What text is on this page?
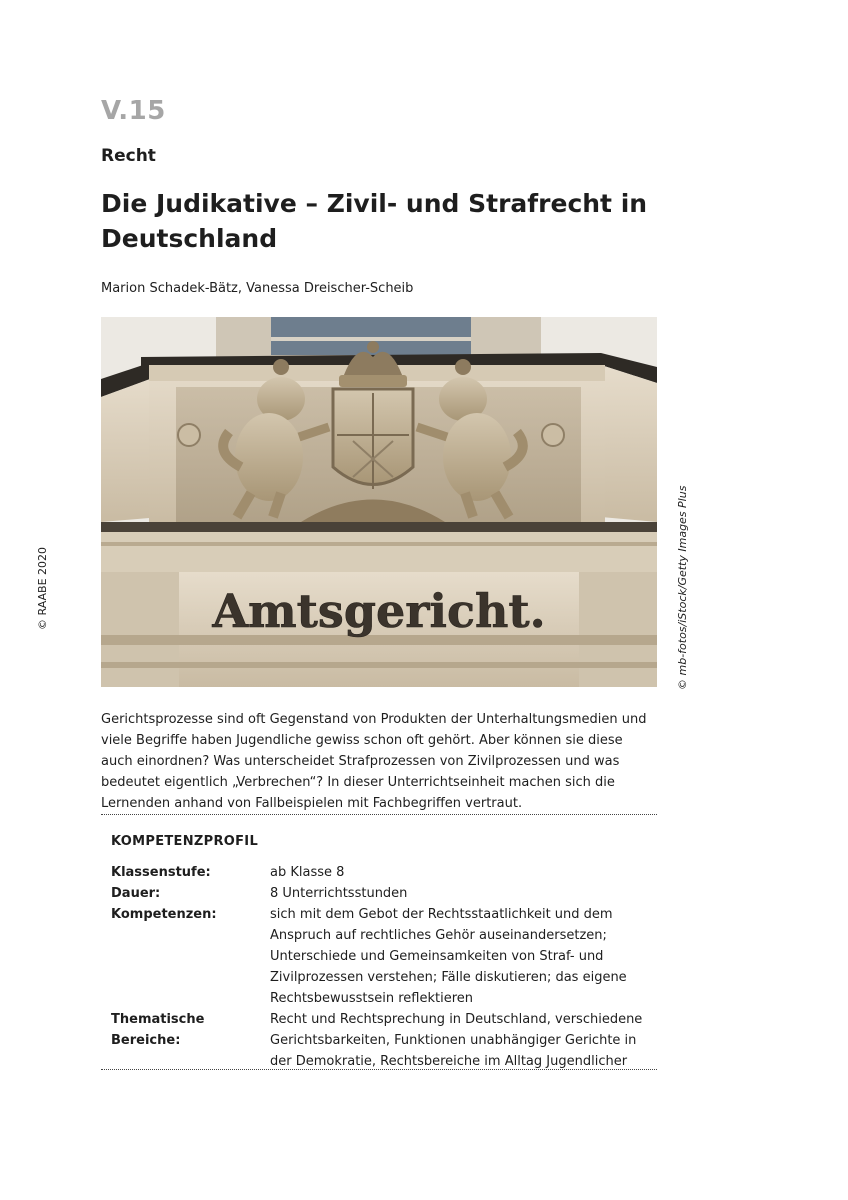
V.15
Recht
Die Judikative – Zivil- und Strafrecht in Deutschland
Marion Schadek-Bätz, Vanessa Dreischer-Scheib
© RAABE 2020	© mb-fotos/iStock/Getty Images Plus
Amtsgericht.

Gerichtsprozesse sind oft Gegenstand von Produkten der Unterhaltungsmedien und viele Begriffe haben Jugendliche gewiss schon oft gehört. Aber können sie diese auch einordnen? Was unterscheidet Strafprozessen von Zivilprozessen und was bedeutet eigentlich „Verbrechen“? In dieser Unterrichtseinheit machen sich die Lernenden anhand von Fallbeispielen mit Fachbegriffen vertraut.

KOMPETENZPROFIL
Klassenstufe:	ab Klasse 8
Dauer:	8 Unterrichtsstunden
Kompetenzen:	sich mit dem Gebot der Rechtsstaatlichkeit und dem Anspruch auf rechtliches Gehör auseinandersetzen; Unterschiede und Gemeinsamkeiten von Straf- und Zivilprozessen verstehen; Fälle diskutieren; das eigene Rechtsbewusstsein reflektieren
Thematische Bereiche:	Recht und Rechtsprechung in Deutschland, verschiedene Gerichtsbarkeiten, Funktionen unabhängiger Gerichte in der Demokratie, Rechtsbereiche im Alltag Jugendlicher
